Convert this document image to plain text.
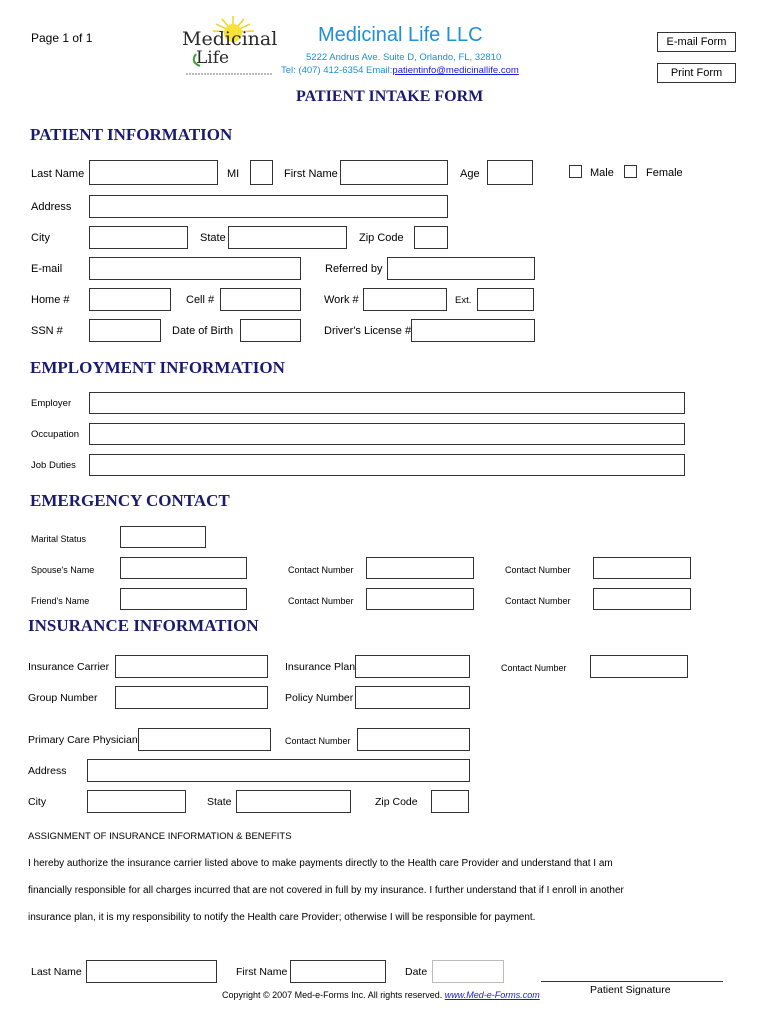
Page 1 of 1	Medicinal
Life
Medicinal Life LLC
5222 Andrus Ave. Suite D, Orlando, FL, 32810
Tel: (407) 412-6354 Email:patientinfo@medicinallife.com
E-mail Form
Print Form
PATIENT INTAKE FORM
PATIENT INFORMATION
Last Name	MI	First Name	Age	Male	Female
Address
City	State	Zip Code
E-mail	Referred by
Home #	Cell #	Work #	Ext.
SSN #	Date of Birth	Driver's License #
EMPLOYMENT INFORMATION
Employer
Occupation
Job Duties
EMERGENCY CONTACT
Marital Status
Spouse's Name	Contact Number	Contact Number
Friend's Name	Contact Number	Contact Number
INSURANCE INFORMATION
Insurance Carrier	Insurance Plan	Contact Number
Group Number	Policy Number
Primary Care Physician	Contact Number
Address
City	State	Zip Code
ASSIGNMENT OF INSURANCE INFORMATION & BENEFITS
I hereby authorize the insurance carrier listed above to make payments directly to the Health care Provider and understand that I am
financially responsible for all charges incurred that are not covered in full by my insurance. I further understand that if I enroll in another
insurance plan, it is my responsibility to notify the Health care Provider; otherwise I will be responsible for payment.
Last Name	First Name	Date
Patient Signature
Copyright © 2007 Med-e-Forms Inc. All rights reserved. www.Med-e-Forms.com
